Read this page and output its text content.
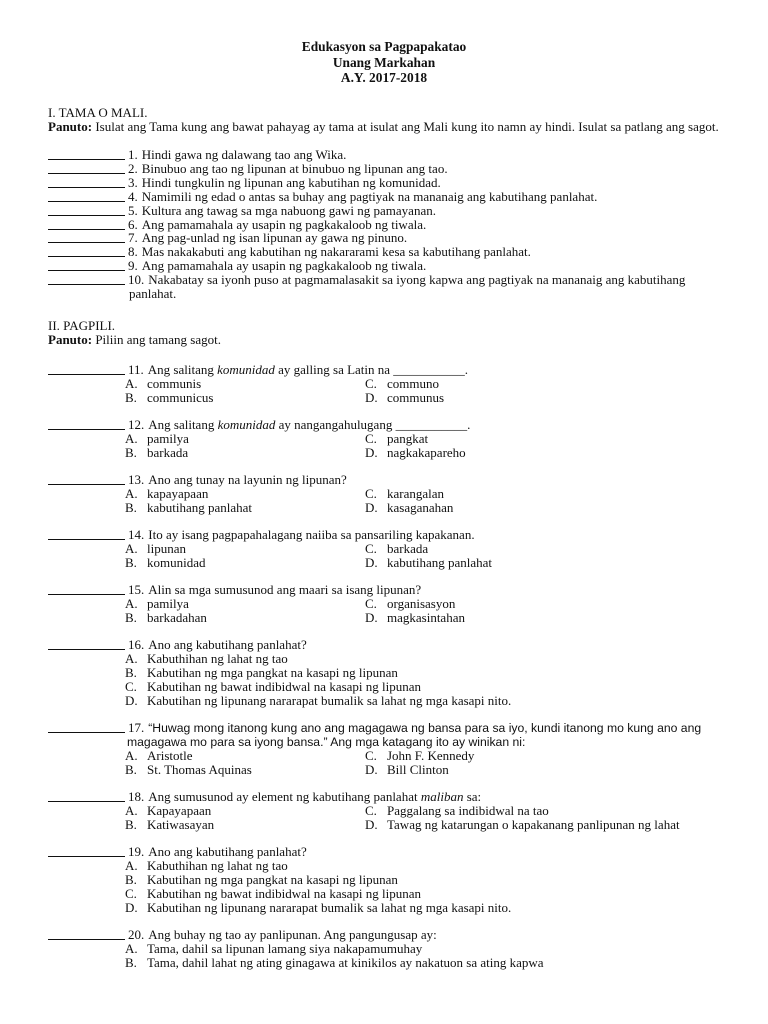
Edukasyon sa Pagpapakatao
Unang Markahan
A.Y. 2017-2018
I. TAMA O MALI.
Panuto: Isulat ang Tama kung ang bawat pahayag ay tama at isulat ang Mali kung ito namn ay hindi. Isulat sa patlang ang sagot.
1. Hindi gawa ng dalawang tao ang Wika.
2. Binubuo ang tao ng lipunan at binubuo ng lipunan ang tao.
3. Hindi tungkulin ng lipunan ang kabutihan ng komunidad.
4. Namimili ng edad o antas sa buhay ang pagtiyak na mananaig ang kabutihang panlahat.
5. Kultura ang tawag sa mga nabuong gawi ng pamayanan.
6. Ang pamamahala ay usapin ng pagkakaloob ng tiwala.
7. Ang pag-unlad ng isan lipunan ay gawa ng pinuno.
8. Mas nakakabuti ang kabutihan ng nakararami kesa sa kabutihang panlahat.
9. Ang pamamahala ay usapin ng pagkakaloob ng tiwala.
10. Nakabatay sa iyonh puso at pagmamalasakit sa iyong kapwa ang pagtiyak na mananaig ang kabutihang
panlahat.
II. PAGPILI.
Panuto: Piliin ang tamang sagot.
11. Ang salitang komunidad ay galling sa Latin na ___________.
A. communis	C. communo
B. communicus	D. communus
12. Ang salitang komunidad ay nangangahulugang ___________.
A. pamilya	C. pangkat
B. barkada	D. nagkakapareho
13. Ano ang tunay na layunin ng lipunan?
A. kapayapaan	C. karangalan
B. kabutihang panlahat	D. kasaganahan
14. Ito ay isang pagpapahalagang naiiba sa pansariling kapakanan.
A. lipunan	C. barkada
B. komunidad	D. kabutihang panlahat
15. Alin sa mga sumusunod ang maari sa isang lipunan?
A. pamilya	C. organisasyon
B. barkadahan	D. magkasintahan
16. Ano ang kabutihang panlahat?
A. Kabuthihan ng lahat ng tao
B. Kabutihan ng mga pangkat na kasapi ng lipunan
C. Kabutihan ng bawat indibidwal na kasapi ng lipunan
D. Kabutihan ng lipunang nararapat bumalik sa lahat ng mga kasapi nito.
17. “Huwag mong itanong kung ano ang magagawa ng bansa para sa iyo, kundi itanong mo kung ano ang
magagawa mo para sa iyong bansa.” Ang mga katagang ito ay winikan ni:
A. Aristotle	C. John F. Kennedy
B. St. Thomas Aquinas	D. Bill Clinton
18. Ang sumusunod ay element ng kabutihang panlahat maliban sa:
A. Kapayapaan	C. Paggalang sa indibidwal na tao
B. Katiwasayan	D. Tawag ng katarungan o kapakanang panlipunan ng lahat
19. Ano ang kabutihang panlahat?
A. Kabuthihan ng lahat ng tao
B. Kabutihan ng mga pangkat na kasapi ng lipunan
C. Kabutihan ng bawat indibidwal na kasapi ng lipunan
D. Kabutihan ng lipunang nararapat bumalik sa lahat ng mga kasapi nito.
20. Ang buhay ng tao ay panlipunan. Ang pangungusap ay:
A. Tama, dahil sa lipunan lamang siya nakapamumuhay
B. Tama, dahil lahat ng ating ginagawa at kinikilos ay nakatuon sa ating kapwa
